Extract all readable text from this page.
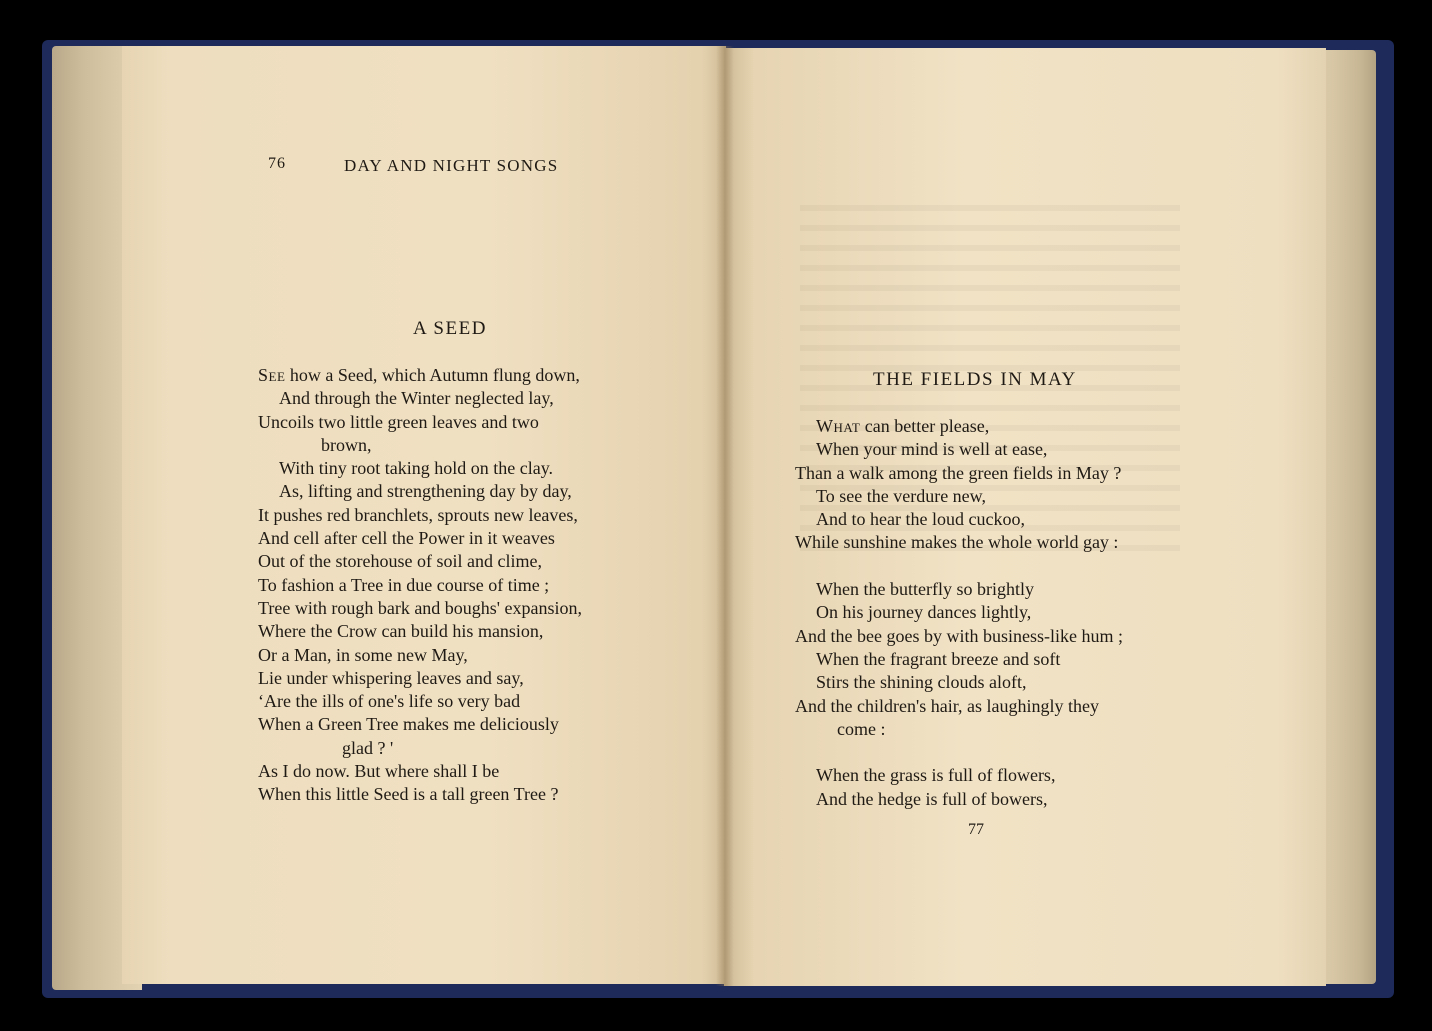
76	DAY AND NIGHT SONGS
A SEED
See how a Seed, which Autumn flung down,
And through the Winter neglected lay,
Uncoils two little green leaves and two
brown,
With tiny root taking hold on the clay.
As, lifting and strengthening day by day,
It pushes red branchlets, sprouts new leaves,
And cell after cell the Power in it weaves
Out of the storehouse of soil and clime,
To fashion a Tree in due course of time ;
Tree with rough bark and boughs' expansion,
Where the Crow can build his mansion,
Or a Man, in some new May,
Lie under whispering leaves and say,
‘Are the ills of one's life so very bad
When a Green Tree makes me deliciously
glad ? '
As I do now. But where shall I be
When this little Seed is a tall green Tree ?
THE FIELDS IN MAY
What can better please,
When your mind is well at ease,
Than a walk among the green fields in May ?
To see the verdure new,
And to hear the loud cuckoo,
While sunshine makes the whole world gay :
When the butterfly so brightly
On his journey dances lightly,
And the bee goes by with business-like hum ;
When the fragrant breeze and soft
Stirs the shining clouds aloft,
And the children's hair, as laughingly they
come :
When the grass is full of flowers,
And the hedge is full of bowers,
77
